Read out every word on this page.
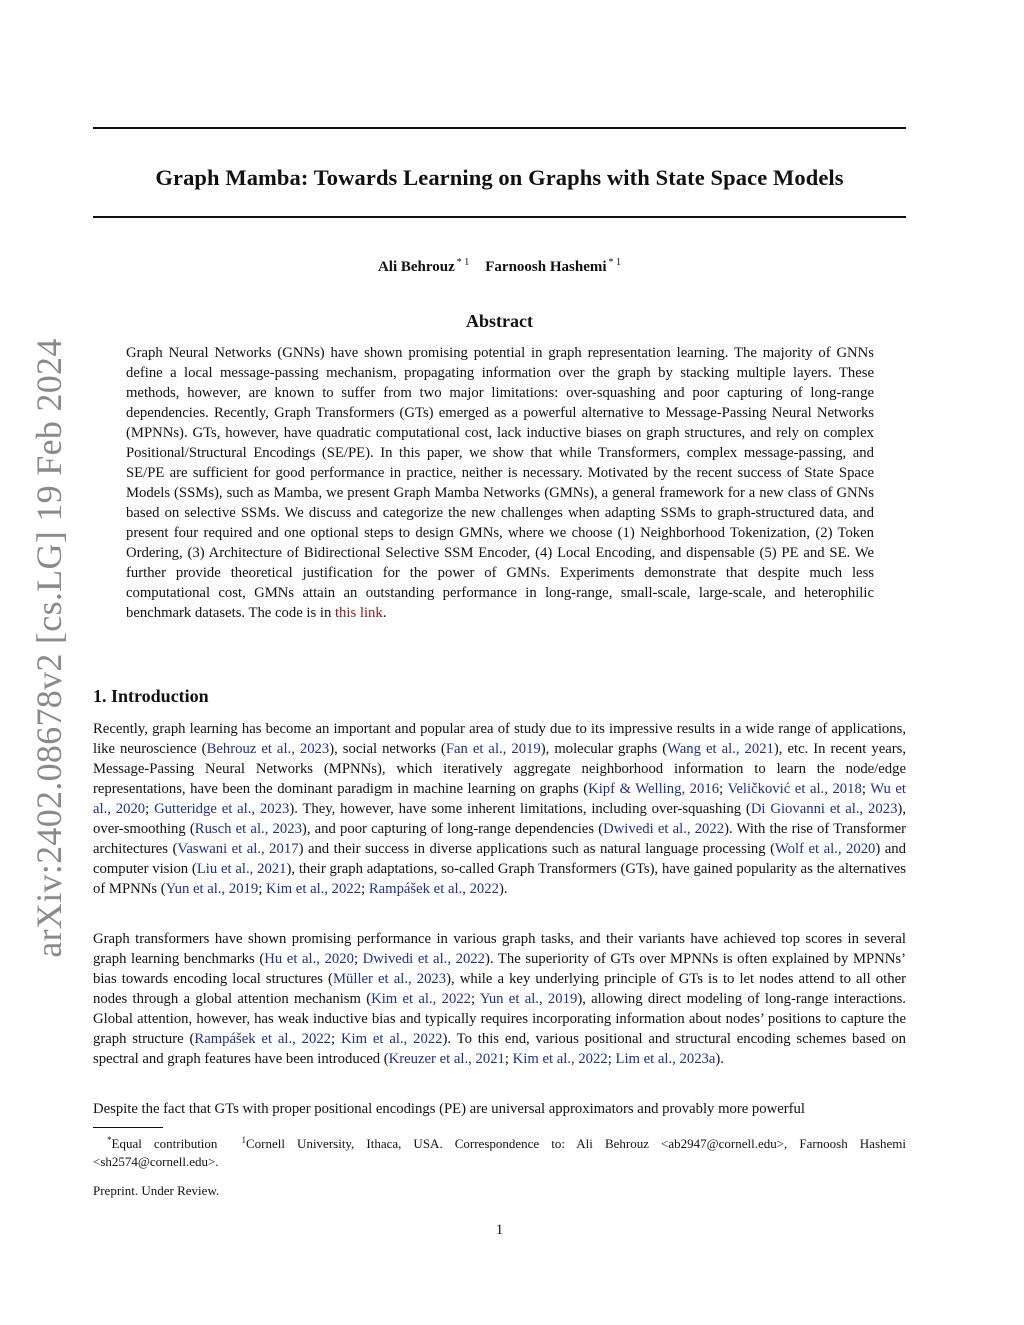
arXiv:2402.08678v2 [cs.LG] 19 Feb 2024
Graph Mamba: Towards Learning on Graphs with State Space Models
Ali Behrouz $^{* 1}$ Farnoosh Hashemi $^{* 1}$
Abstract
Graph Neural Networks (GNNs) have shown promising potential in graph representation learning. The majority of GNNs define a local message-passing mechanism, propagating information over the graph by stacking multiple layers. These methods, however, are known to suffer from two major limitations: over-squashing and poor capturing of long-range dependencies. Recently, Graph Transformers (GTs) emerged as a powerful alternative to Message-Passing Neural Networks (MPNNs). GTs, however, have quadratic computational cost, lack inductive biases on graph structures, and rely on complex Positional/Structural Encodings (SE/PE). In this paper, we show that while Transformers, complex message-passing, and SE/PE are sufficient for good performance in practice, neither is necessary. Motivated by the recent success of State Space Models (SSMs), such as Mamba, we present Graph Mamba Networks (GMNs), a general framework for a new class of GNNs based on selective SSMs. We discuss and categorize the new challenges when adapting SSMs to graph-structured data, and present four required and one optional steps to design GMNs, where we choose (1) Neighborhood Tokenization, (2) Token Ordering, (3) Architecture of Bidirectional Selective SSM Encoder, (4) Local Encoding, and dispensable (5) PE and SE. We further provide theoretical justification for the power of GMNs. Experiments demonstrate that despite much less computational cost, GMNs attain an outstanding performance in long-range, small-scale, large-scale, and heterophilic benchmark datasets. The code is in this link.
1. Introduction
Recently, graph learning has become an important and popular area of study due to its impressive results in a wide range of applications, like neuroscience (Behrouz et al., 2023), social networks (Fan et al., 2019), molecular graphs (Wang et al., 2021), etc. In recent years, Message-Passing Neural Networks (MPNNs), which iteratively aggregate neighborhood information to learn the node/edge representations, have been the dominant paradigm in machine learning on graphs (Kipf & Welling, 2016; Veličković et al., 2018; Wu et al., 2020; Gutteridge et al., 2023). They, however, have some inherent limitations, including over-squashing (Di Giovanni et al., 2023), over-smoothing (Rusch et al., 2023), and poor capturing of long-range dependencies (Dwivedi et al., 2022). With the rise of Transformer architectures (Vaswani et al., 2017) and their success in diverse applications such as natural language processing (Wolf et al., 2020) and computer vision (Liu et al., 2021), their graph adaptations, so-called Graph Transformers (GTs), have gained popularity as the alternatives of MPNNs (Yun et al., 2019; Kim et al., 2022; Rampášek et al., 2022).
Graph transformers have shown promising performance in various graph tasks, and their variants have achieved top scores in several graph learning benchmarks (Hu et al., 2020; Dwivedi et al., 2022). The superiority of GTs over MPNNs is often explained by MPNNs’ bias towards encoding local structures (Müller et al., 2023), while a key underlying principle of GTs is to let nodes attend to all other nodes through a global attention mechanism (Kim et al., 2022; Yun et al., 2019), allowing direct modeling of long-range interactions. Global attention, however, has weak inductive bias and typically requires incorporating information about nodes’ positions to capture the graph structure (Rampášek et al., 2022; Kim et al., 2022). To this end, various positional and structural encoding schemes based on spectral and graph features have been introduced (Kreuzer et al., 2021; Kim et al., 2022; Lim et al., 2023a).
Despite the fact that GTs with proper positional encodings (PE) are universal approximators and provably more powerful
*Equal contribution	$^1$Cornell University, Ithaca, USA. Correspondence to: Ali Behrouz <ab2947@cornell.edu>, Farnoosh Hashemi <sh2574@cornell.edu>.
Preprint. Under Review.
1
